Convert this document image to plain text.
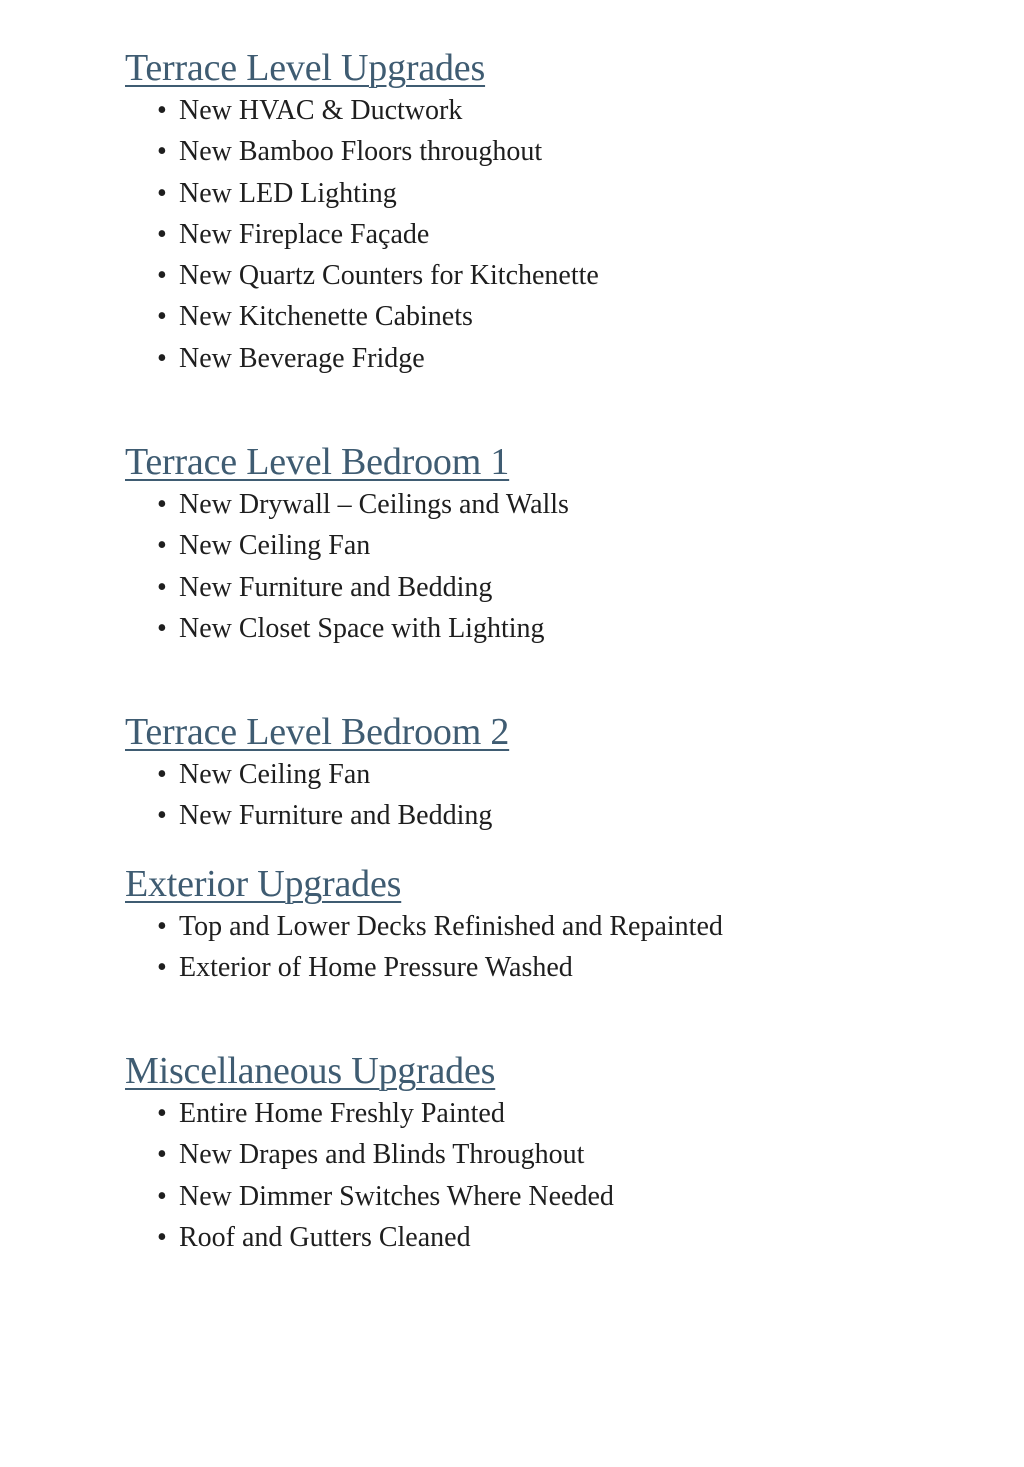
Terrace Level Upgrades
• New HVAC & Ductwork
• New Bamboo Floors throughout
• New LED Lighting
• New Fireplace Façade
• New Quartz Counters for Kitchenette
• New Kitchenette Cabinets
• New Beverage Fridge
Terrace Level Bedroom 1
• New Drywall – Ceilings and Walls
• New Ceiling Fan
• New Furniture and Bedding
• New Closet Space with Lighting
Terrace Level Bedroom 2
• New Ceiling Fan
• New Furniture and Bedding
Exterior Upgrades
• Top and Lower Decks Refinished and Repainted
• Exterior of Home Pressure Washed
Miscellaneous Upgrades
• Entire Home Freshly Painted
• New Drapes and Blinds Throughout
• New Dimmer Switches Where Needed
• Roof and Gutters Cleaned
